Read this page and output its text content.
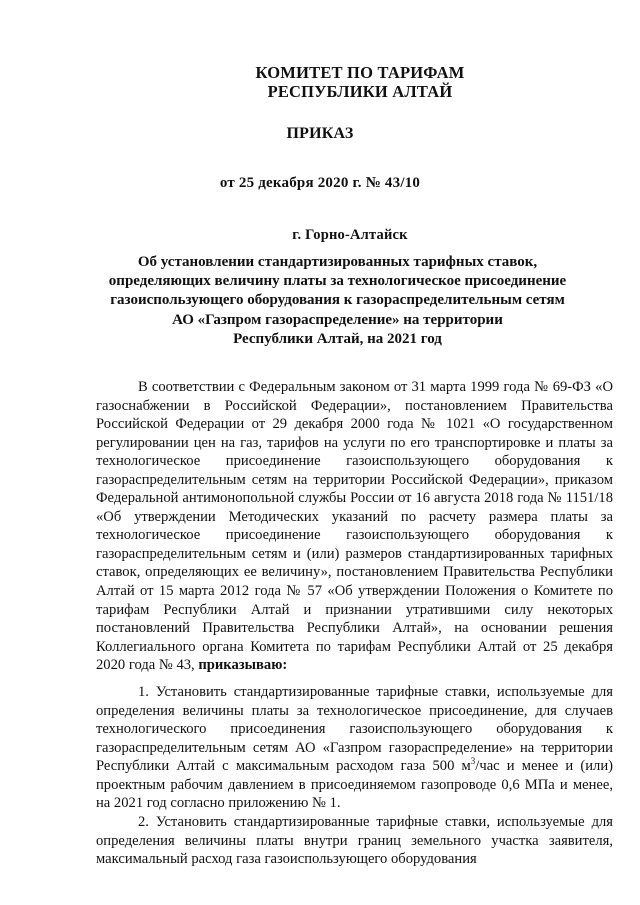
КОМИТЕТ ПО ТАРИФАМ
РЕСПУБЛИКИ АЛТАЙ
ПРИКАЗ
от 25 декабря 2020 г. № 43/10
г. Горно-Алтайск
Об установлении стандартизированных тарифных ставок,
определяющих величину платы за технологическое присоединение
газоиспользующего оборудования к газораспределительным сетям
АО «Газпром газораспределение» на территории
Республики Алтай, на 2021 год

В соответствии с Федеральным законом от 31 марта 1999 года № 69-ФЗ «О газоснабжении в Российской Федерации», постановлением Правительства Российской Федерации от 29 декабря 2000 года № 1021 «О государственном регулировании цен на газ, тарифов на услуги по его транспортировке и платы за технологическое присоединение газоиспользующего оборудования к газораспределительным сетям на территории Российской Федерации», приказом Федеральной антимонопольной службы России от 16 августа 2018 года № 1151/18 «Об утверждении Методических указаний по расчету размера платы за технологическое присоединение газоиспользующего оборудования к газораспределительным сетям и (или) размеров стандартизированных тарифных ставок, определяющих ее величину», постановлением Правительства Республики Алтай от 15 марта 2012 года № 57 «Об утверждении Положения о Комитете по тарифам Республики Алтай и признании утратившими силу некоторых постановлений Правительства Республики Алтай», на основании решения Коллегиального органа Комитета по тарифам Республики Алтай от 25 декабря 2020 года № 43, приказываю:

1. Установить стандартизированные тарифные ставки, используемые для определения величины платы за технологическое присоединение, для случаев технологического присоединения газоиспользующего оборудования к газораспределительным сетям АО «Газпром газораспределение» на территории Республики Алтай с максимальным расходом газа 500 $м^3$/час и менее и (или) проектным рабочим давлением в присоединяемом газопроводе 0,6 МПа и менее, на 2021 год согласно приложению № 1.

2. Установить стандартизированные тарифные ставки, используемые для определения величины платы внутри границ земельного участка заявителя, максимальный расход газа газоиспользующего оборудования
